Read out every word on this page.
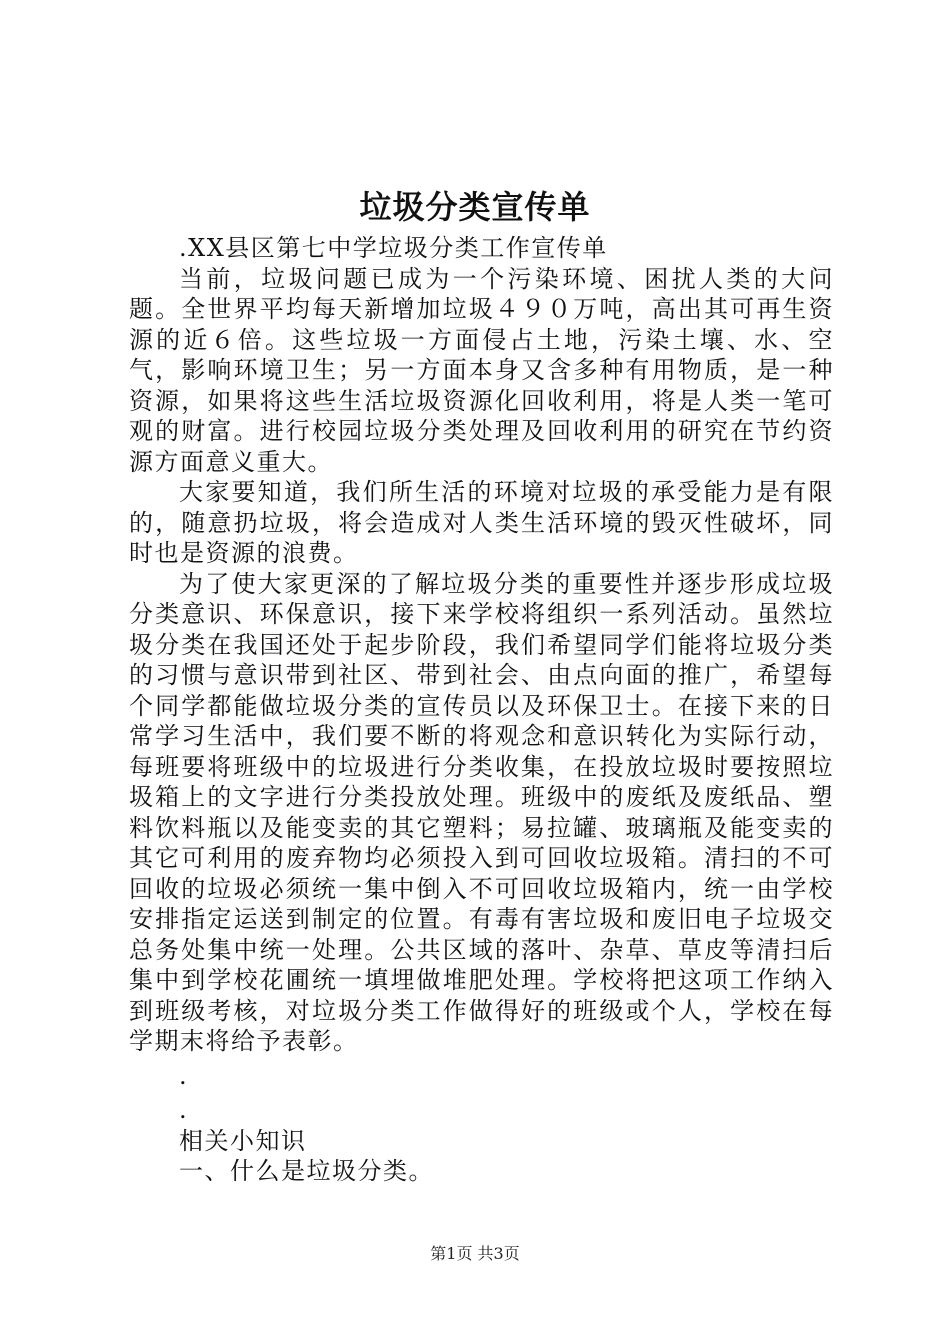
垃圾分类宣传单

.XX县区第七中学垃圾分类工作宣传单

当前，垃圾问题已成为一个污染环境、困扰人类的大问题。全世界平均每天新增加垃圾４９０万吨，高出其可再生资源的近６倍。这些垃圾一方面侵占土地，污染土壤、水、空气，影响环境卫生；另一方面本身又含多种有用物质，是一种资源，如果将这些生活垃圾资源化回收利用，将是人类一笔可观的财富。进行校园垃圾分类处理及回收利用的研究在节约资源方面意义重大。

大家要知道，我们所生活的环境对垃圾的承受能力是有限的，随意扔垃圾，将会造成对人类生活环境的毁灭性破坏，同时也是资源的浪费。

为了使大家更深的了解垃圾分类的重要性并逐步形成垃圾分类意识、环保意识，接下来学校将组织一系列活动。虽然垃圾分类在我国还处于起步阶段，我们希望同学们能将垃圾分类的习惯与意识带到社区、带到社会、由点向面的推广，希望每个同学都能做垃圾分类的宣传员以及环保卫士。在接下来的日常学习生活中，我们要不断的将观念和意识转化为实际行动，每班要将班级中的垃圾进行分类收集，在投放垃圾时要按照垃圾箱上的文字进行分类投放处理。班级中的废纸及废纸品、塑料饮料瓶以及能变卖的其它塑料；易拉罐、玻璃瓶及能变卖的其它可利用的废弃物均必须投入到可回收垃圾箱。清扫的不可回收的垃圾必须统一集中倒入不可回收垃圾箱内，统一由学校安排指定运送到制定的位置。有毒有害垃圾和废旧电子垃圾交总务处集中统一处理。公共区域的落叶、杂草、草皮等清扫后集中到学校花圃统一填埋做堆肥处理。学校将把这项工作纳入到班级考核，对垃圾分类工作做得好的班级或个人，学校在每学期末将给予表彰。

.

.

相关小知识

一、什么是垃圾分类。

第1页 共3页
